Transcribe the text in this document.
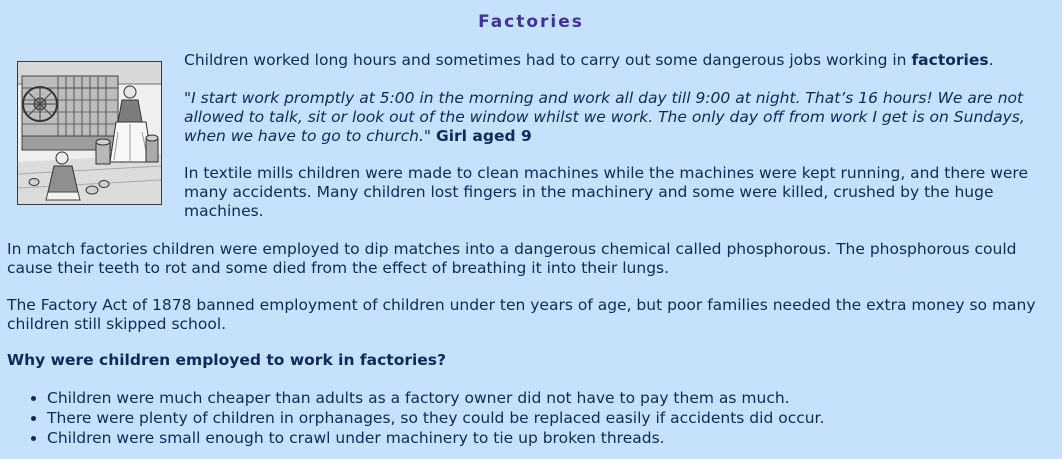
Factories

Children worked long hours and sometimes had to carry out some dangerous jobs working in factories.

"I start work promptly at 5:00 in the morning and work all day till 9:00 at night. That’s 16 hours! We are not allowed to talk, sit or look out of the window whilst we work. The only day off from work I get is on Sundays, when we have to go to church." Girl aged 9

In textile mills children were made to clean machines while the machines were kept running, and there were many accidents. Many children lost fingers in the machinery and some were killed, crushed by the huge machines.

In match factories children were employed to dip matches into a dangerous chemical called phosphorous. The phosphorous could cause their teeth to rot and some died from the effect of breathing it into their lungs.

The Factory Act of 1878 banned employment of children under ten years of age, but poor families needed the extra money so many children still skipped school.

Why were children employed to work in factories?

• Children were much cheaper than adults as a factory owner did not have to pay them as much.
• There were plenty of children in orphanages, so they could be replaced easily if accidents did occur.
• Children were small enough to crawl under machinery to tie up broken threads.
